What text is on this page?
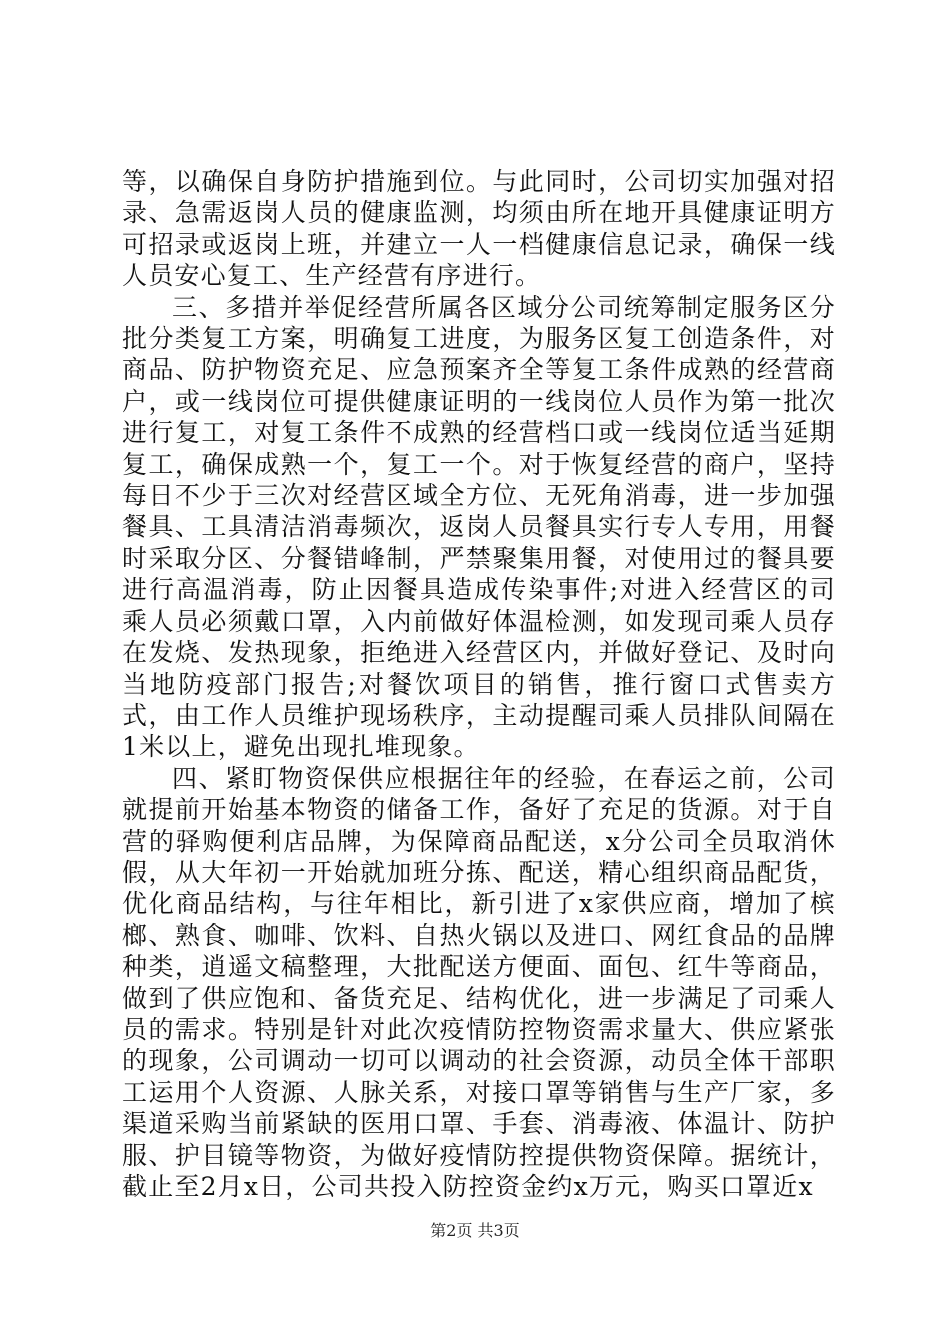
等，以确保自身防护措施到位。与此同时，公司切实加强对招录、急需返岗人员的健康监测，均须由所在地开具健康证明方可招录或返岗上班，并建立一人一档健康信息记录，确保一线人员安心复工、生产经营有序进行。

三、多措并举促经营所属各区域分公司统筹制定服务区分批分类复工方案，明确复工进度，为服务区复工创造条件，对商品、防护物资充足、应急预案齐全等复工条件成熟的经营商户，或一线岗位可提供健康证明的一线岗位人员作为第一批次进行复工，对复工条件不成熟的经营档口或一线岗位适当延期复工，确保成熟一个，复工一个。对于恢复经营的商户，坚持每日不少于三次对经营区域全方位、无死角消毒，进一步加强餐具、工具清洁消毒频次，返岗人员餐具实行专人专用，用餐时采取分区、分餐错峰制，严禁聚集用餐，对使用过的餐具要进行高温消毒，防止因餐具造成传染事件;对进入经营区的司乘人员必须戴口罩，入内前做好体温检测，如发现司乘人员存在发烧、发热现象，拒绝进入经营区内，并做好登记、及时向当地防疫部门报告;对餐饮项目的销售，推行窗口式售卖方式，由工作人员维护现场秩序，主动提醒司乘人员排队间隔在1米以上，避免出现扎堆现象。

四、紧盯物资保供应根据往年的经验，在春运之前，公司就提前开始基本物资的储备工作，备好了充足的货源。对于自营的驿购便利店品牌，为保障商品配送，x分公司全员取消休假，从大年初一开始就加班分拣、配送，精心组织商品配货，优化商品结构，与往年相比，新引进了x家供应商，增加了槟榔、熟食、咖啡、饮料、自热火锅以及进口、网红食品的品牌种类，逍遥文稿整理，大批配送方便面、面包、红牛等商品，做到了供应饱和、备货充足、结构优化，进一步满足了司乘人员的需求。特别是针对此次疫情防控物资需求量大、供应紧张的现象，公司调动一切可以调动的社会资源，动员全体干部职工运用个人资源、人脉关系，对接口罩等销售与生产厂家，多渠道采购当前紧缺的医用口罩、手套、消毒液、体温计、防护服、护目镜等物资，为做好疫情防控提供物资保障。据统计，截止至2月x日，公司共投入防控资金约x万元，购买口罩近x

第2页 共3页
